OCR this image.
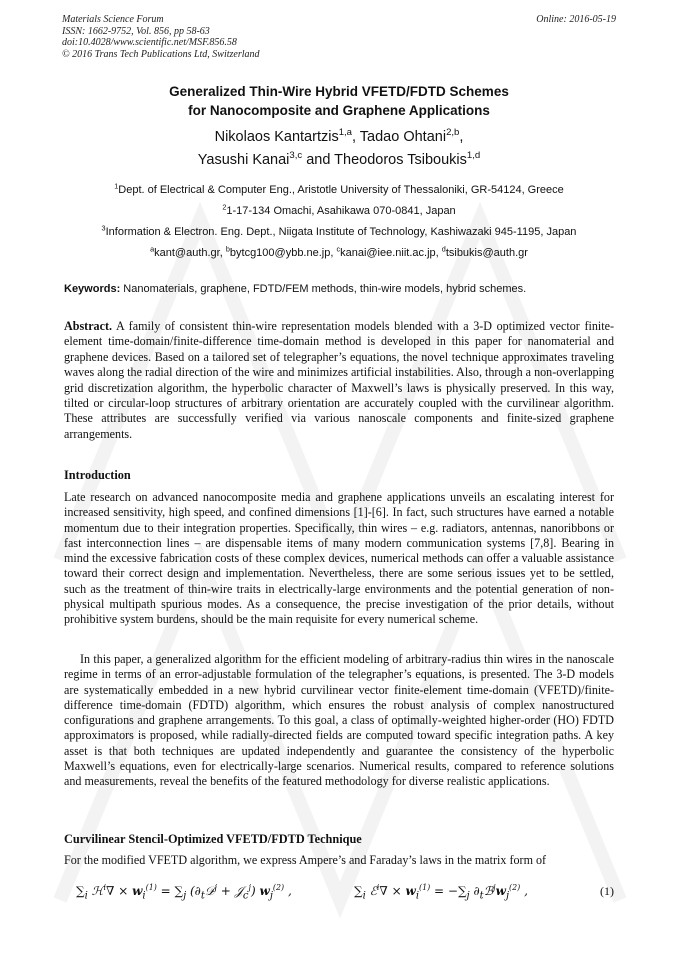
Materials Science Forum
ISSN: 1662-9752, Vol. 856, pp 58-63
doi:10.4028/www.scientific.net/MSF.856.58
© 2016 Trans Tech Publications Ltd, Switzerland
Online: 2016-05-19
Generalized Thin-Wire Hybrid VFETD/FDTD Schemes
for Nanocomposite and Graphene Applications
Nikolaos Kantartzis$^{1,a}$, Tadao Ohtani$^{2,b}$,
Yasushi Kanai$^{3,c}$ and Theodoros Tsiboukis$^{1,d}$
$^1$Dept. of Electrical & Computer Eng., Aristotle University of Thessaloniki, GR-54124, Greece
$^2$1-17-134 Omachi, Asahikawa 070-0841, Japan
$^3$Information & Electron. Eng. Dept., Niigata Institute of Technology, Kashiwazaki 945-1195, Japan
$^a$kant@auth.gr, $^b$bytcg100@ybb.ne.jp, $^c$kanai@iee.niit.ac.jp, $^d$tsibukis@auth.gr
Keywords: Nanomaterials, graphene, FDTD/FEM methods, thin-wire models, hybrid schemes.
Abstract. A family of consistent thin-wire representation models blended with a 3-D optimized vector finite-element time-domain/finite-difference time-domain method is developed in this paper for nanomaterial and graphene devices. Based on a tailored set of telegrapher’s equations, the novel technique approximates traveling waves along the radial direction of the wire and minimizes artificial instabilities. Also, through a non-overlapping grid discretization algorithm, the hyperbolic character of Maxwell’s laws is physically preserved. In this way, tilted or circular-loop structures of arbitrary orientation are accurately coupled with the curvilinear algorithm. These attributes are successfully verified via various nanoscale components and finite-sized graphene arrangements.
Introduction
Late research on advanced nanocomposite media and graphene applications unveils an escalating interest for increased sensitivity, high speed, and confined dimensions [1]-[6]. In fact, such structures have earned a notable momentum due to their integration properties. Specifically, thin wires – e.g. radiators, antennas, nanoribbons or fast interconnection lines – are dispensable items of many modern communication systems [7,8]. Bearing in mind the excessive fabrication costs of these complex devices, numerical methods can offer a valuable assistance toward their correct design and implementation. Nevertheless, there are some serious issues yet to be settled, such as the treatment of thin-wire traits in electrically-large environments and the potential generation of non-physical multipath spurious modes. As a consequence, the precise investigation of the prior details, without prohibitive system burdens, should be the main requisite for every numerical scheme.
In this paper, a generalized algorithm for the efficient modeling of arbitrary-radius thin wires in the nanoscale regime in terms of an error-adjustable formulation of the telegrapher’s equations, is presented. The 3-D models are systematically embedded in a new hybrid curvilinear vector finite-element time-domain (VFETD)/finite-difference time-domain (FDTD) algorithm, which ensures the robust analysis of complex nanostructured configurations and graphene arrangements. To this goal, a class of optimally-weighted higher-order (HO) FDTD approximators is proposed, while radially-directed fields are computed toward specific integration paths. A key asset is that both techniques are updated independently and guarantee the consistency of the hyperbolic Maxwell’s equations, even for electrically-large scenarios. Numerical results, compared to reference solutions and measurements, reveal the benefits of the featured methodology for diverse realistic applications.
Curvilinear Stencil-Optimized VFETD/FDTD Technique
For the modified VFETD algorithm, we express Ampere’s and Faraday’s laws in the matrix form of
$\sum_i$ ℋ$^i$∇ × $w_i^{(1)} = \sum_j$ ($\partial_t𝒟^j$ + 𝒥$_c^j$) $w_j^{(2)}$ ,	$\sum_i$ ℰ$^i$∇ × $w_i^{(1)} = -\sum_j$ $\partial_tℬ^jw_j^{(2)}$ ,	(1)
